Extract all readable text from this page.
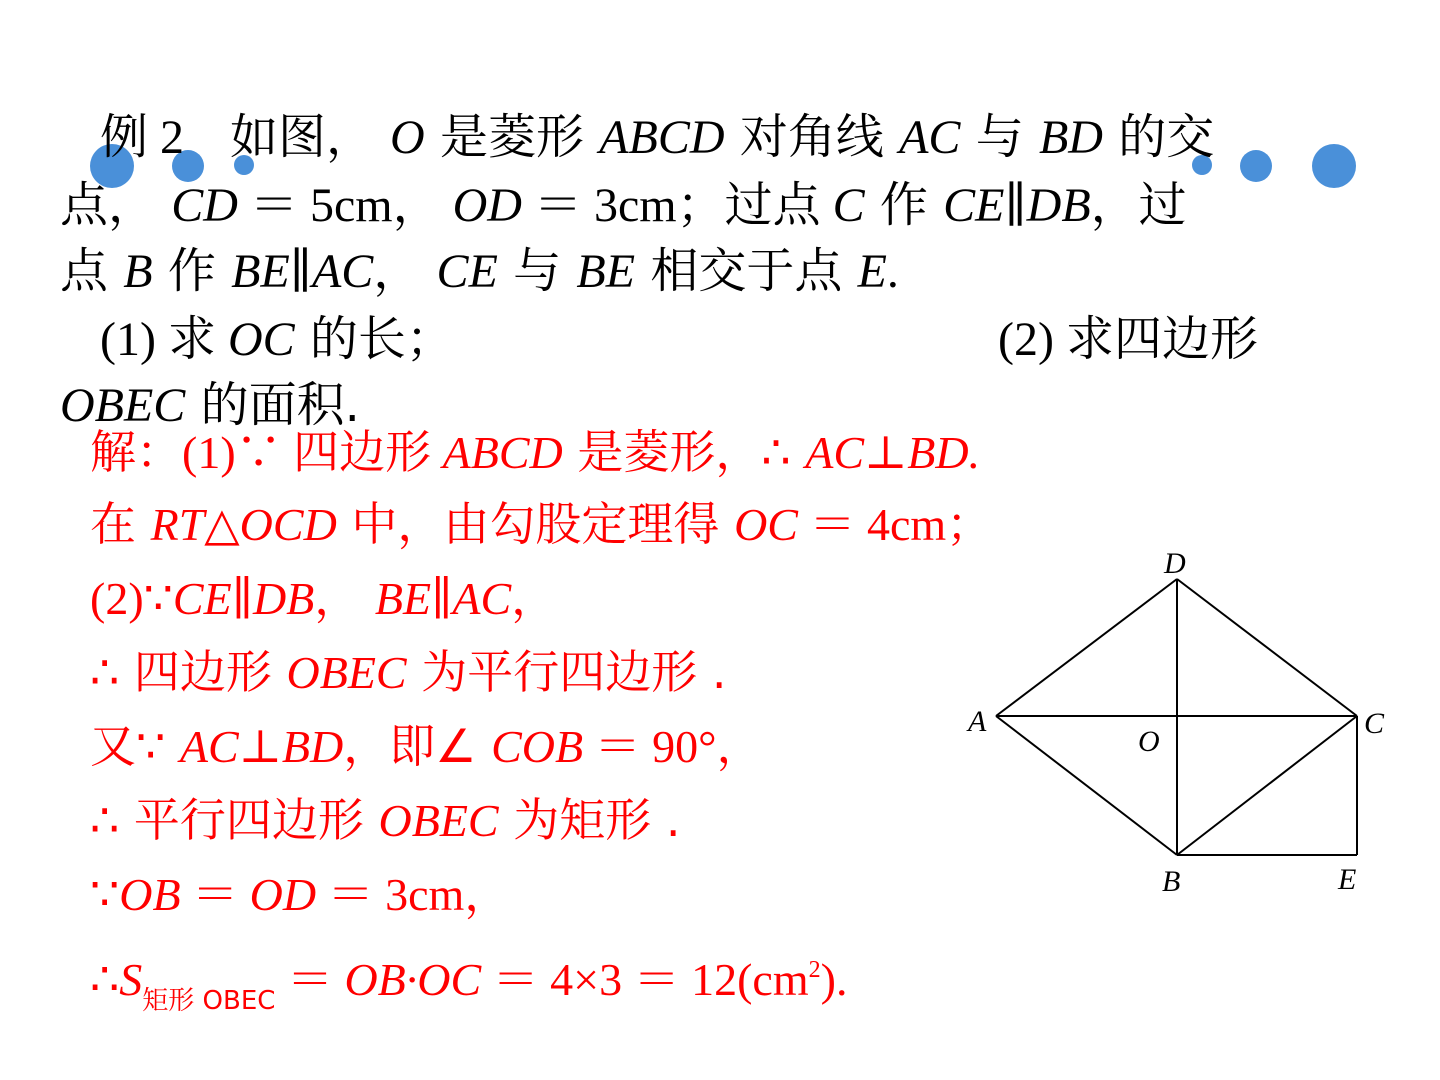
例 2 如图， O 是菱形 ABCD 对角线 AC 与 BD 的交
点， CD ＝ 5cm， OD ＝ 3cm；过点 C 作 CE∥DB，过
点 B 作 BE∥AC， CE 与 BE 相交于点 E.
(1) 求 OC 的长；	(2) 求四边形
OBEC 的面积.
解：(1)∵ 四边形 ABCD 是菱形，∴ AC⊥BD.
在 RT△OCD 中，由勾股定理得 OC ＝ 4cm；
(2)∵CE∥DB， BE∥AC，
∴ 四边形 OBEC 为平行四边形 .
又∵ AC⊥BD，即∠ COB ＝ 90°，
∴ 平行四边形 OBEC 为矩形 .
∵OB ＝ OD ＝ 3cm，
$\therefore S_{矩形 OBEC} = OB\cdot OC = 4\times 3 = 12(cm^2)$.
D
A
O
C
B	E
